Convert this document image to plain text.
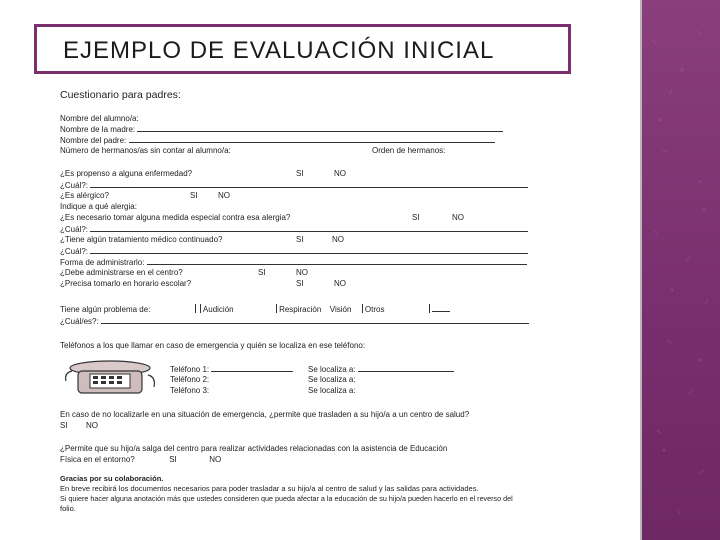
EJEMPLO DE EVALUACIÓN INICIAL
Cuestionario para padres:
Nombre del alumno/a:
Nombre de la madre:
Nombre del padre:
Número de hermanos/as sin contar al alumno/a:	Orden de hermanos:
¿Es propenso a alguna enfermedad?	SI	NO
¿Cuál?:
¿Es alérgico?	SI	NO
Indique a qué alergia:
¿Es necesario tomar alguna medida especial contra esa alergia?	SI	NO
¿Cuál?:
¿Tiene algún tratamiento médico continuado?	SI	NO
¿Cuál?:
Forma de administrarlo:
¿Debe administrarse en el centro?	SI	NO
¿Precisa tomarlo en horario escolar?	SI	NO
Tiene algún problema de:	Audición	Respiración Visión Otros
¿Cuál/es?:
Teléfonos a los que llamar en caso de emergencia y quién se localiza en ese teléfono:
Teléfono 1:	Se localiza a:
Teléfono 2:	Se localiza a:
Teléfono 3:	Se localiza a:
En caso de no localizarle en una situación de emergencia, ¿permite que trasladen a su hijo/a a un centro de salud?
SI NO
¿Permite que su hijo/a salga del centro para realizar actividades relacionadas con la asistencia de Educación
Física en el entorno?	SI	NO
Gracias por su colaboración.
En breve recibirá los documentos necesarios para poder trasladar a su hijo/a al centro de salud y las salidas para actividades.
Si quiere hacer alguna anotación más que ustedes consideren que pueda afectar a la educación de su hijo/a pueden hacerlo en el reverso del
folio.
